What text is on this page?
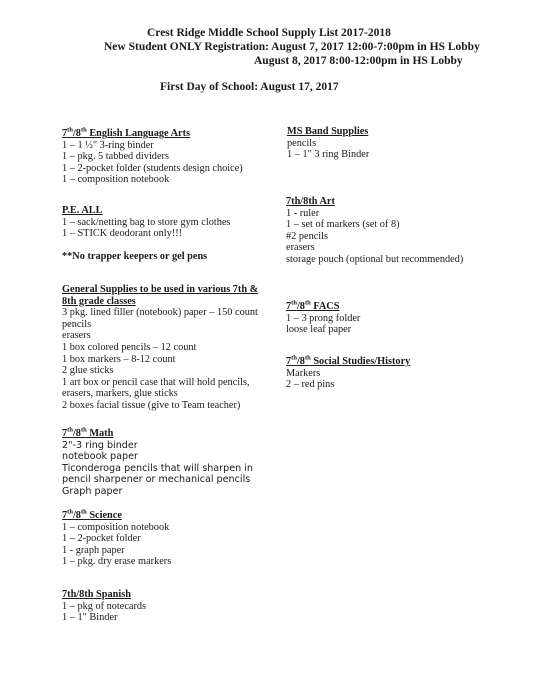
Crest Ridge Middle School Supply List 2017-2018
New Student ONLY Registration: August 7, 2017 12:00-7:00pm in HS Lobby
August 8, 2017 8:00-12:00pm in HS Lobby
First Day of School: August 17, 2017
7th/8th English Language Arts
1 – 1 ½" 3-ring binder
1 – pkg. 5 tabbed dividers
1 – 2-pocket folder (students design choice)
1 – composition notebook
P.E. ALL
1 – sack/netting bag to store gym clothes
1 – STICK deodorant only!!!
**No trapper keepers or gel pens
General Supplies to be used in various 7th & 8th grade classes
3 pkg. lined filler (notebook) paper – 150 count
pencils
erasers
1 box colored pencils – 12 count
1 box markers – 8-12 count
2 glue sticks
1 art box or pencil case that will hold pencils, erasers, markers, glue sticks
2 boxes facial tissue (give to Team teacher)
7th/8th Math
2"-3 ring binder
notebook paper
Ticonderoga pencils that will sharpen in pencil sharpener or mechanical pencils
Graph paper
7th/8th Science
1 – composition notebook
1 – 2-pocket folder
1 - graph paper
1 – pkg. dry erase markers
7th/8th Spanish
1 – pkg of notecards
1 – 1" Binder
MS Band Supplies
pencils
1 – 1" 3 ring Binder
7th/8th Art
1 - ruler
1 – set of markers (set of 8)
#2 pencils
erasers
storage pouch (optional but recommended)
7th/8th FACS
1 – 3 prong folder
loose leaf paper
7th/8th Social Studies/History
Markers
2 – red pins
